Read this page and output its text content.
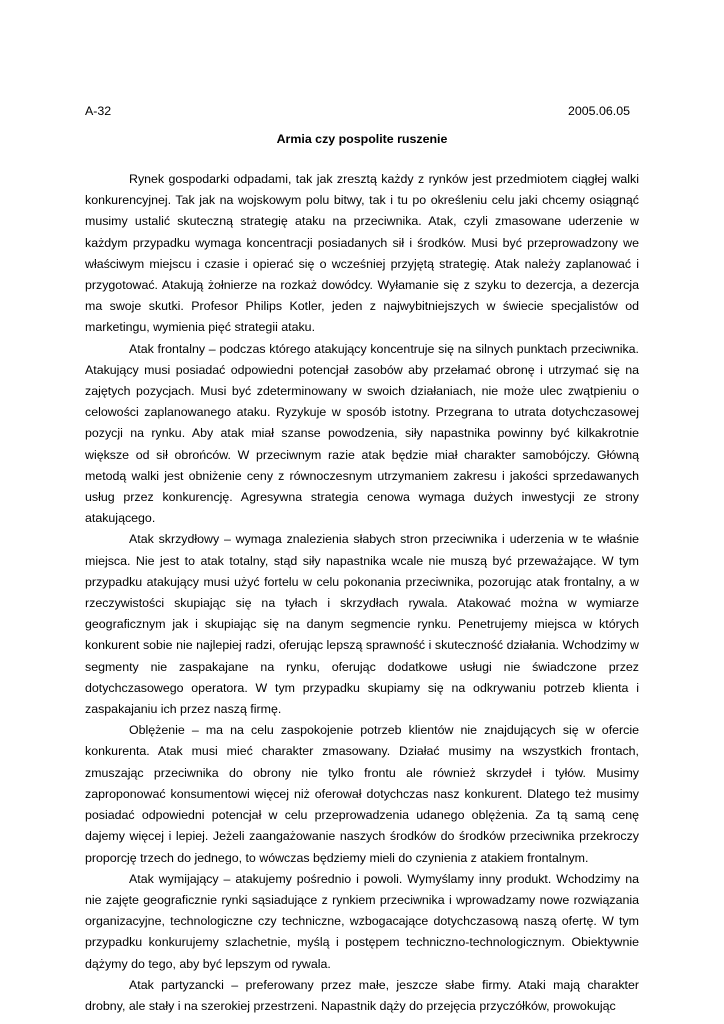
A-32	2005.06.05
Armia czy pospolite ruszenie

Rynek gospodarki odpadami, tak jak zresztą każdy z rynków jest przedmiotem ciągłej walki konkurencyjnej. Tak jak na wojskowym polu bitwy, tak i tu po określeniu celu jaki chcemy osiągnąć musimy ustalić skuteczną strategię ataku na przeciwnika. Atak, czyli zmasowane uderzenie w każdym przypadku wymaga koncentracji posiadanych sił i środków. Musi być przeprowadzony we właściwym miejscu i czasie i opierać się o wcześniej przyjętą strategię. Atak należy zaplanować i przygotować. Atakują żołnierze na rozkaż dowódcy. Wyłamanie się z szyku to dezercja, a dezercja ma swoje skutki. Profesor Philips Kotler, jeden z najwybitniejszych w świecie specjalistów od marketingu, wymienia pięć strategii ataku.

Atak frontalny – podczas którego atakujący koncentruje się na silnych punktach przeciwnika. Atakujący musi posiadać odpowiedni potencjał zasobów aby przełamać obronę i utrzymać się na zajętych pozycjach. Musi być zdeterminowany w swoich działaniach, nie może ulec zwątpieniu o celowości zaplanowanego ataku. Ryzykuje w sposób istotny. Przegrana to utrata dotychczasowej pozycji na rynku. Aby atak miał szanse powodzenia, siły napastnika powinny być kilkakrotnie większe od sił obrońców. W przeciwnym razie atak będzie miał charakter samobójczy. Główną metodą walki jest obniżenie ceny z równoczesnym utrzymaniem zakresu i jakości sprzedawanych usług przez konkurencję. Agresywna strategia cenowa wymaga dużych inwestycji ze strony atakującego.

Atak skrzydłowy – wymaga znalezienia słabych stron przeciwnika i uderzenia w te właśnie miejsca. Nie jest to atak totalny, stąd siły napastnika wcale nie muszą być przeważające. W tym przypadku atakujący musi użyć fortelu w celu pokonania przeciwnika, pozorując atak frontalny, a w rzeczywistości skupiając się na tyłach i skrzydłach rywala. Atakować można w wymiarze geograficznym jak i skupiając się na danym segmencie rynku. Penetrujemy miejsca w których konkurent sobie nie najlepiej radzi, oferując lepszą sprawność i skuteczność działania. Wchodzimy w segmenty nie zaspakajane na rynku, oferując dodatkowe usługi nie świadczone przez dotychczasowego operatora. W tym przypadku skupiamy się na odkrywaniu potrzeb klienta i zaspakajaniu ich przez naszą firmę.

Oblężenie – ma na celu zaspokojenie potrzeb klientów nie znajdujących się w ofercie konkurenta. Atak musi mieć charakter zmasowany. Działać musimy na wszystkich frontach, zmuszając przeciwnika do obrony nie tylko frontu ale również skrzydeł i tyłów. Musimy zaproponować konsumentowi więcej niż oferował dotychczas nasz konkurent. Dlatego też musimy posiadać odpowiedni potencjał w celu przeprowadzenia udanego oblężenia. Za tą samą cenę dajemy więcej i lepiej. Jeżeli zaangażowanie naszych środków do środków przeciwnika przekroczy proporcję trzech do jednego, to wówczas będziemy mieli do czynienia z atakiem frontalnym.

Atak wymijający – atakujemy pośrednio i powoli. Wymyślamy inny produkt. Wchodzimy na nie zajęte geograficznie rynki sąsiadujące z rynkiem przeciwnika i wprowadzamy nowe rozwiązania organizacyjne, technologiczne czy techniczne, wzbogacające dotychczasową naszą ofertę. W tym przypadku konkurujemy szlachetnie, myślą i postępem techniczno-technologicznym. Obiektywnie dążymy do tego, aby być lepszym od rywala.

Atak partyzancki – preferowany przez małe, jeszcze słabe firmy. Ataki mają charakter drobny, ale stały i na szerokiej przestrzeni. Napastnik dąży do przejęcia przyczółków, prowokując
